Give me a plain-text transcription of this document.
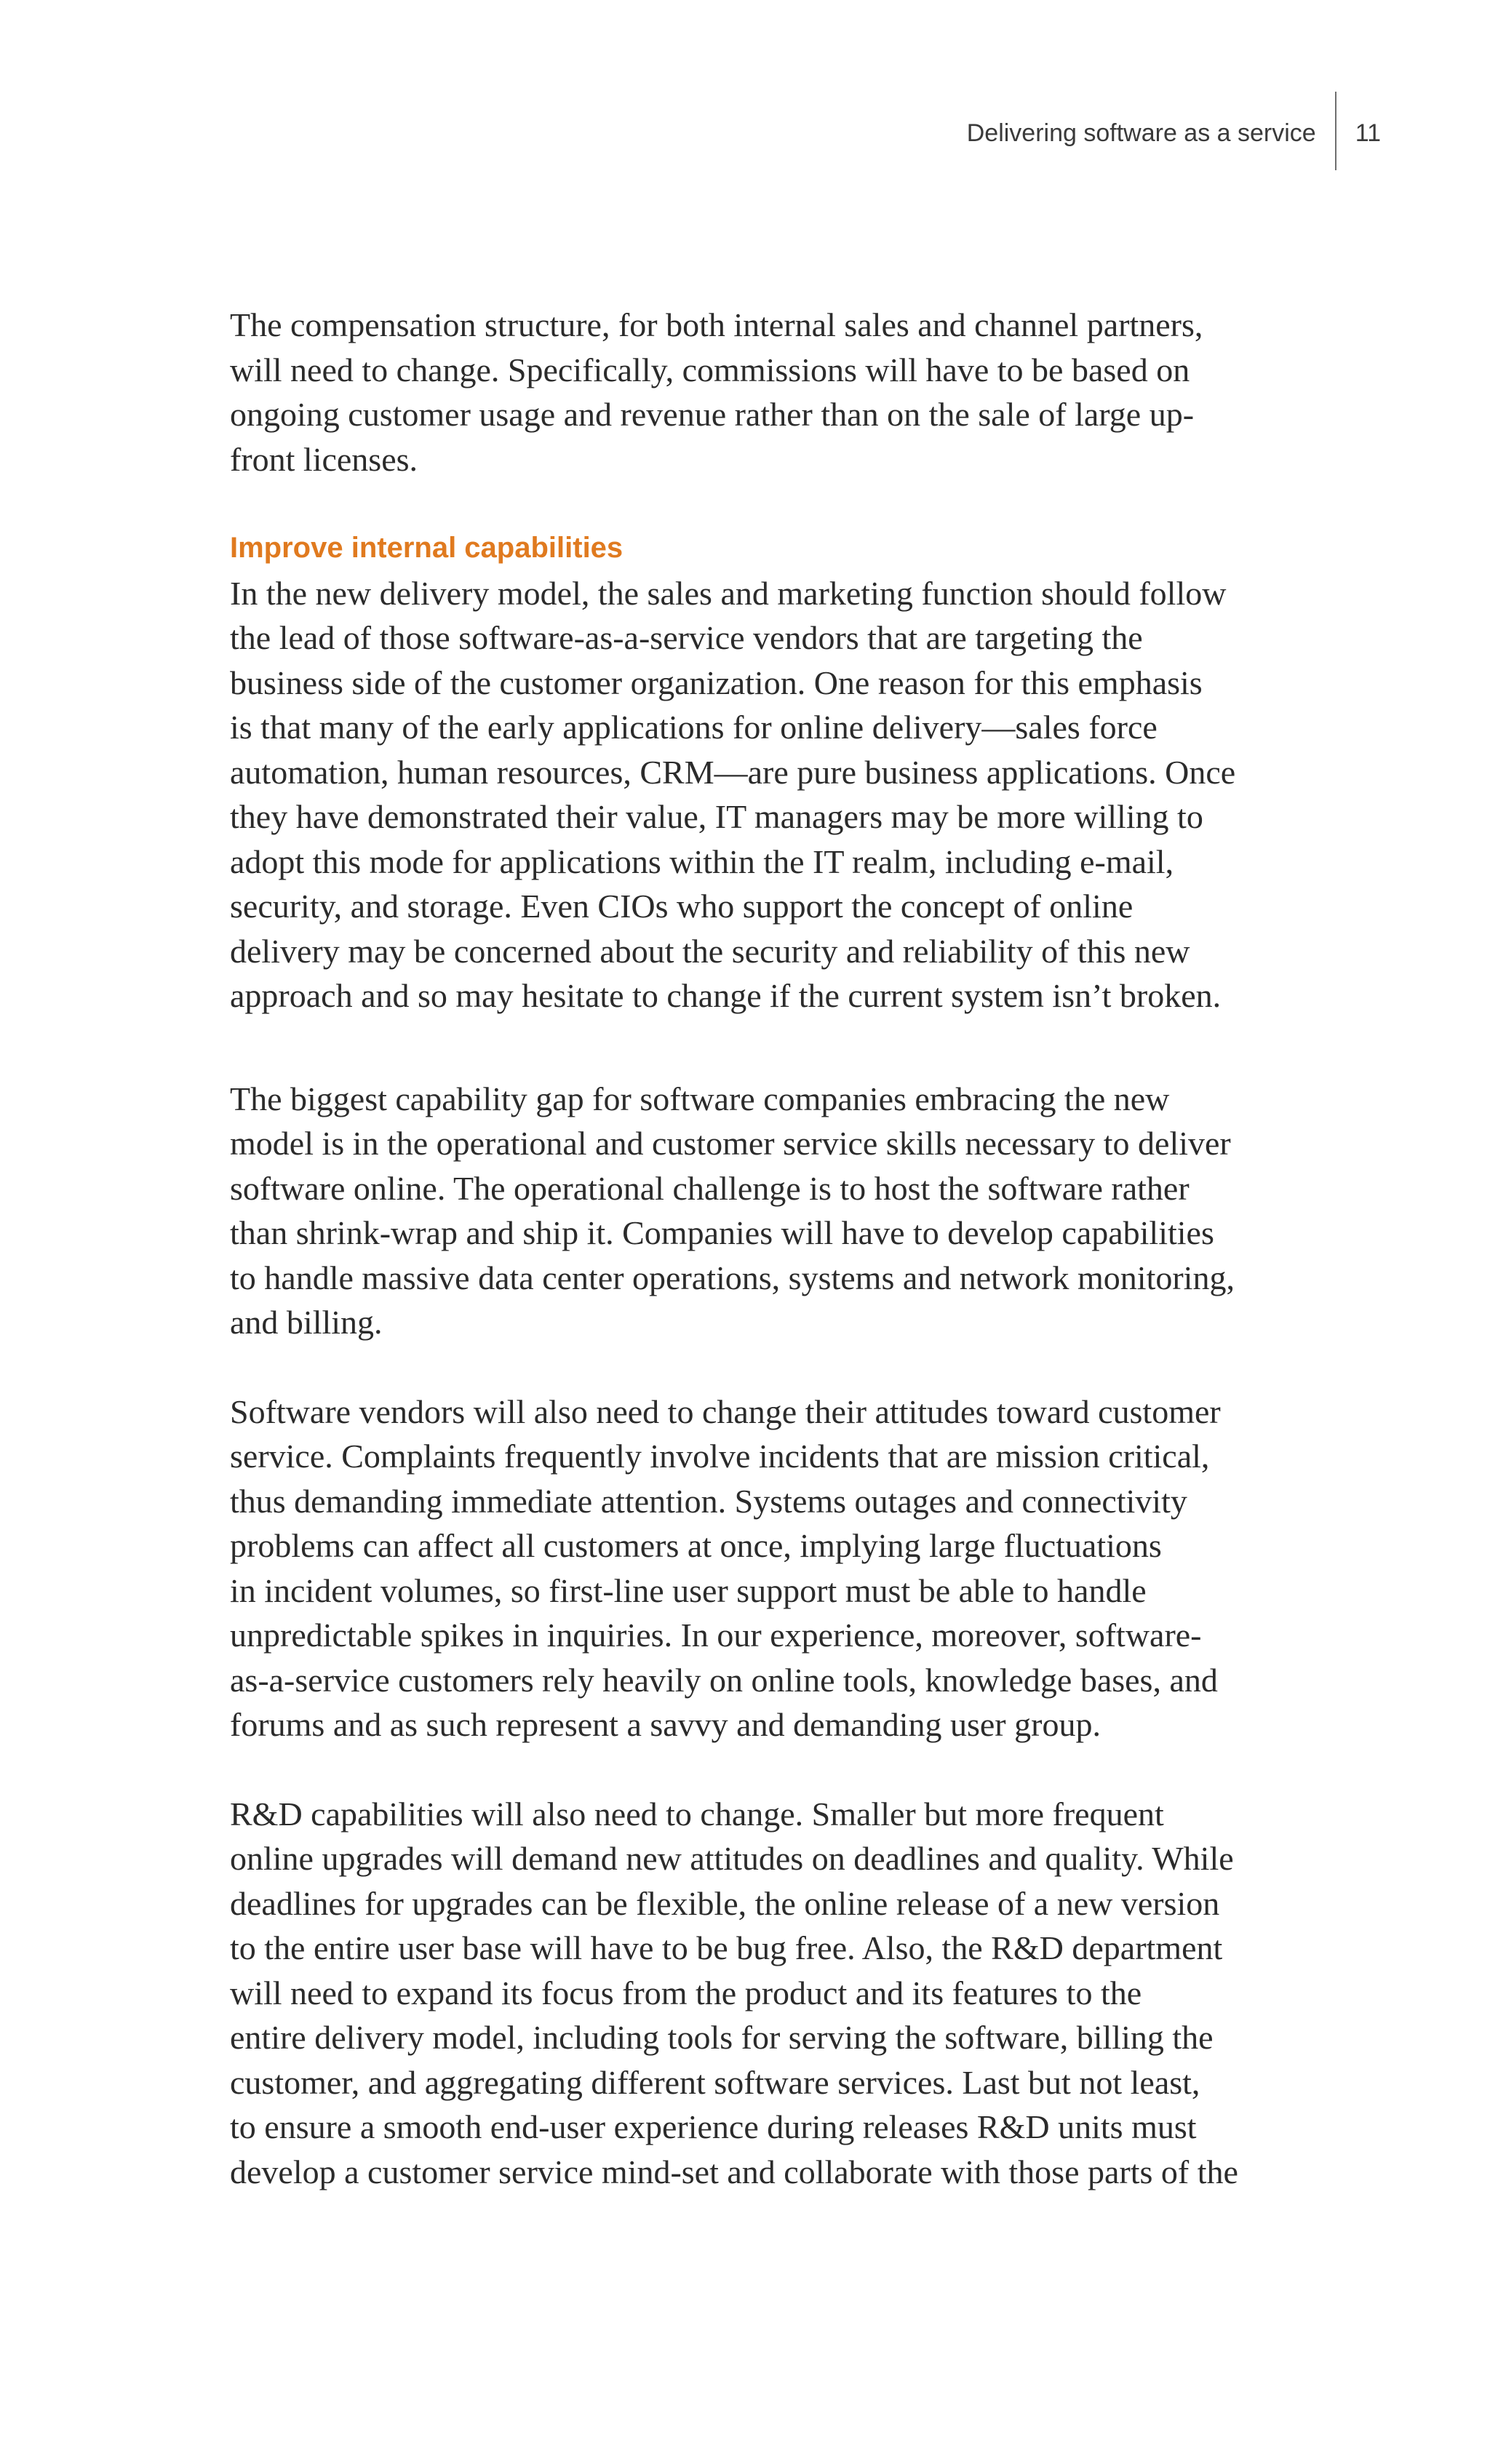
Delivering software as a service	11

The compensation structure, for both internal sales and channel partners,
will need to change. Specifically, commissions will have to be based on
ongoing customer usage and revenue rather than on the sale of large up-
front licenses.

Improve internal capabilities

In the new delivery model, the sales and marketing function should follow
the lead of those software-as-a-service vendors that are targeting the
business side of the customer organization. One reason for this emphasis
is that many of the early applications for online delivery—sales force
automation, human resources, CRM—are pure business applications. Once
they have demonstrated their value, IT managers may be more willing to
adopt this mode for applications within the IT realm, including e-mail,
security, and storage. Even CIOs who support the concept of online
delivery may be concerned about the security and reliability of this new
approach and so may hesitate to change if the current system isn’t broken.

The biggest capability gap for software companies embracing the new
model is in the operational and customer service skills necessary to deliver
software online. The operational challenge is to host the software rather
than shrink-wrap and ship it. Companies will have to develop capabilities
to handle massive data center operations, systems and network monitoring,
and billing.

Software vendors will also need to change their attitudes toward customer
service. Complaints frequently involve incidents that are mission critical,
thus demanding immediate attention. Systems outages and connectivity
problems can affect all customers at once, implying large fluctuations
in incident volumes, so first-line user support must be able to handle
unpredictable spikes in inquiries. In our experience, moreover, software-
as-a-service customers rely heavily on online tools, knowledge bases, and
forums and as such represent a savvy and demanding user group.

R&D capabilities will also need to change. Smaller but more frequent
online upgrades will demand new attitudes on deadlines and quality. While
deadlines for upgrades can be flexible, the online release of a new version
to the entire user base will have to be bug free. Also, the R&D department
will need to expand its focus from the product and its features to the
entire delivery model, including tools for serving the software, billing the
customer, and aggregating different software services. Last but not least,
to ensure a smooth end-user experience during releases R&D units must
develop a customer service mind-set and collaborate with those parts of the
